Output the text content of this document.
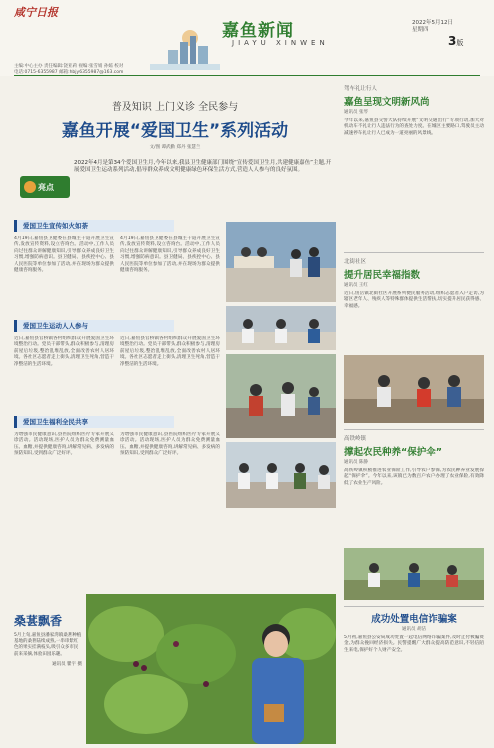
咸宁日报
嘉鱼新闻
JIAYU XINWEN
2022年5月12日
星期四
3版
主编:中心主办 责任编辑:饶亚莉 视编:张雪娟 孙嫣 校对
电话:0715-6355987 邮箱:hbjy6355987@163.com
普及知识 上门义诊 全民参与
嘉鱼开展“爱国卫生”系列活动
文/图 谭武勤 郑丹 张慧兰
亮点
2022年4月是第34个爱国卫生月,今年以来,我县卫生健康部门围绕“宣传爱国卫生月,共建健康嘉鱼”主题,开展爱国卫生运动系列活动,倡导群众养成文明健康绿色环保生活方式,营造人人参与的良好氛围。
爱国卫生宣传如火如荼
4月19日,嘉鱼县卫健委在县城主干道开展卫生宣传,发放宣传资料,设立咨询台。活动中,工作人员向过往群众讲解健康知识,引导群众养成良好卫生习惯,增强防病意识。县卫健局、县疾控中心、县人民医院等单位参加了活动,并在现场为群众提供健康咨询服务。
4月19日,嘉鱼县卫健委在县城主干道开展卫生宣传,发放宣传资料,设立咨询台。活动中,工作人员向过往群众讲解健康知识,引导群众养成良好卫生习惯,增强防病意识。县卫健局、县疾控中心、县人民医院等单位参加了活动,并在现场为群众提供健康咨询服务。
爱国卫生运动人人参与
近日,嘉鱼县官桥镇各村组织群众开展爱国卫生环境整治行动。党员干部带头,群众积极参与,清理房前屋后垃圾,整治乱堆乱放,全面改善农村人居环境。各社区志愿者走上街头,清理卫生死角,营造干净整洁的生活环境。
近日,嘉鱼县官桥镇各村组织群众开展爱国卫生环境整治行动。党员干部带头,群众积极参与,清理房前屋后垃圾,整治乱堆乱放,全面改善农村人居环境。各社区志愿者走上街头,清理卫生死角,营造干净整洁的生活环境。
爱国卫生福利全民共享
为增强市民健康意识,县医院组织医疗专家开展义诊活动。活动现场,医护人员为群众免费测量血压、血糖,并提供健康咨询,讲解常见病、多发病的预防知识,受到群众广泛好评。
为增强市民健康意识,县医院组织医疗专家开展义诊活动。活动现场,医护人员为群众免费测量血压、血糖,并提供健康咨询,讲解常见病、多发病的预防知识,受到群众广泛好评。
驾车礼让行人
嘉鱼呈现文明新风尚
通讯员 张琴
今年以来,嘉鱼县交警大队持续开展“文明交通出行”专项行动,加大对机动车不礼让行人违法行为的查处力度。在城区主要路口,驾驶员主动减速停车礼让行人已成为一道亮丽的风景线。
北街社区
提升居民幸福指数
通讯员 王红
近日,鱼岳镇北街社区开展系列便民服务活动,组织志愿者入户走访,为辖区老年人、残疾人等特殊群体提供生活帮扶,切实提升居民获得感、幸福感。
高铁岭镇
撑起农民种养“保护伞”
通讯员 陈静
高铁岭镇积极推进农业保险工作,引导农户参保,为农民种养业发展撑起“保护伞”。今年以来,该镇已为数百户农户办理了农业保险,有效降低了农业生产风险。
成功处置电信诈骗案
通讯员 胡洁
5月初,嘉鱼县公安局成功处置一起电信网络诈骗案件,及时止付被骗资金,为群众挽回经济损失。民警提醒广大群众提高防范意识,不轻信陌生来电,保护好个人财产安全。
桑葚飘香
5月上旬,嘉鱼县潘家湾镇桑葚种植基地的桑葚陆续成熟,一串串紫红色的果实挂满枝头,吸引众多市民前来采摘,体验田园乐趣。
通讯员 瞿宇 摄
